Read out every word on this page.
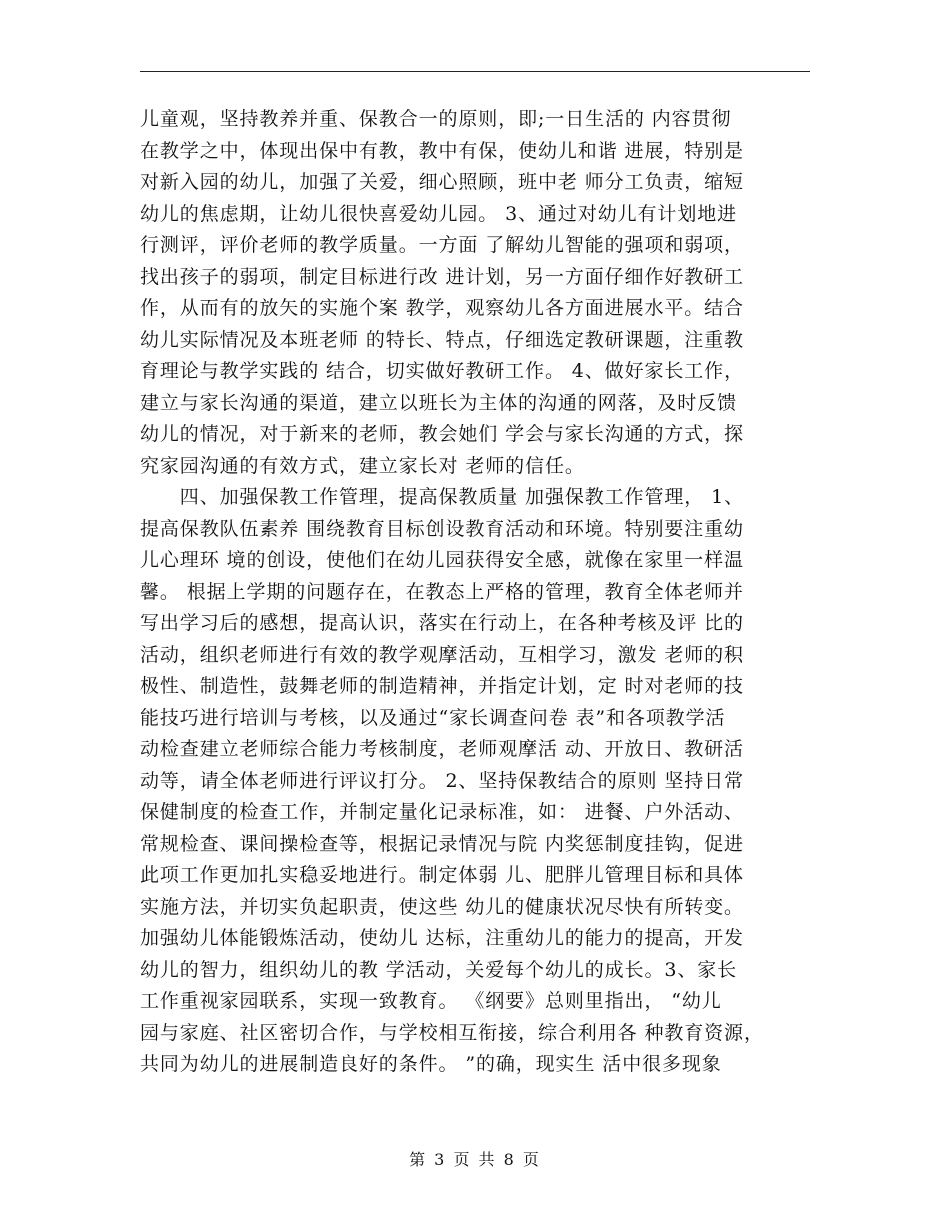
儿童观，坚持教养并重、保教合一的原则，即;一日生活的 内容贯彻
在教学之中，体现出保中有教，教中有保，使幼儿和谐 进展，特别是
对新入园的幼儿，加强了关爱，细心照顾，班中老 师分工负责，缩短
幼儿的焦虑期，让幼儿很快喜爱幼儿园。 3、通过对幼儿有计划地进
行测评，评价老师的教学质量。一方面 了解幼儿智能的强项和弱项，
找出孩子的弱项，制定目标进行改 进计划，另一方面仔细作好教研工
作，从而有的放矢的实施个案 教学，观察幼儿各方面进展水平。结合
幼儿实际情况及本班老师 的特长、特点，仔细选定教研课题，注重教
育理论与教学实践的 结合，切实做好教研工作。 4、做好家长工作，
建立与家长沟通的渠道，建立以班长为主体的沟通的网落，及时反馈
幼儿的情况，对于新来的老师，教会她们 学会与家长沟通的方式，探
究家园沟通的有效方式，建立家长对 老师的信任。
　　四、加强保教工作管理，提高保教质量 加强保教工作管理， 1、
提高保教队伍素养 围绕教育目标创设教育活动和环境。特别要注重幼
儿心理环 境的创设，使他们在幼儿园获得安全感，就像在家里一样温
馨。 根据上学期的问题存在，在教态上严格的管理，教育全体老师并
写出学习后的感想，提高认识，落实在行动上，在各种考核及评 比的
活动，组织老师进行有效的教学观摩活动，互相学习，激发 老师的积
极性、制造性，鼓舞老师的制造精神，并指定计划，定 时对老师的技
能技巧进行培训与考核，以及通过“家长调查问卷 表”和各项教学活
动检查建立老师综合能力考核制度，老师观摩活 动、开放日、教研活
动等，请全体老师进行评议打分。 2、坚持保教结合的原则 坚持日常
保健制度的检查工作，并制定量化记录标准，如： 进餐、户外活动、
常规检查、课间操检查等，根据记录情况与院 内奖惩制度挂钩，促进
此项工作更加扎实稳妥地进行。制定体弱 儿、肥胖儿管理目标和具体
实施方法，并切实负起职责，使这些 幼儿的健康状况尽快有所转变。
加强幼儿体能锻炼活动，使幼儿 达标，注重幼儿的能力的提高，开发
幼儿的智力，组织幼儿的教 学活动，关爱每个幼儿的成长。3、家长
工作重视家园联系，实现一致教育。 《纲要》总则里指出， “幼儿
园与家庭、社区密切合作，与学校相互衔接，综合利用各 种教育资源，
共同为幼儿的进展制造良好的条件。 ”的确，现实生 活中很多现象
第 3 页 共 8 页
